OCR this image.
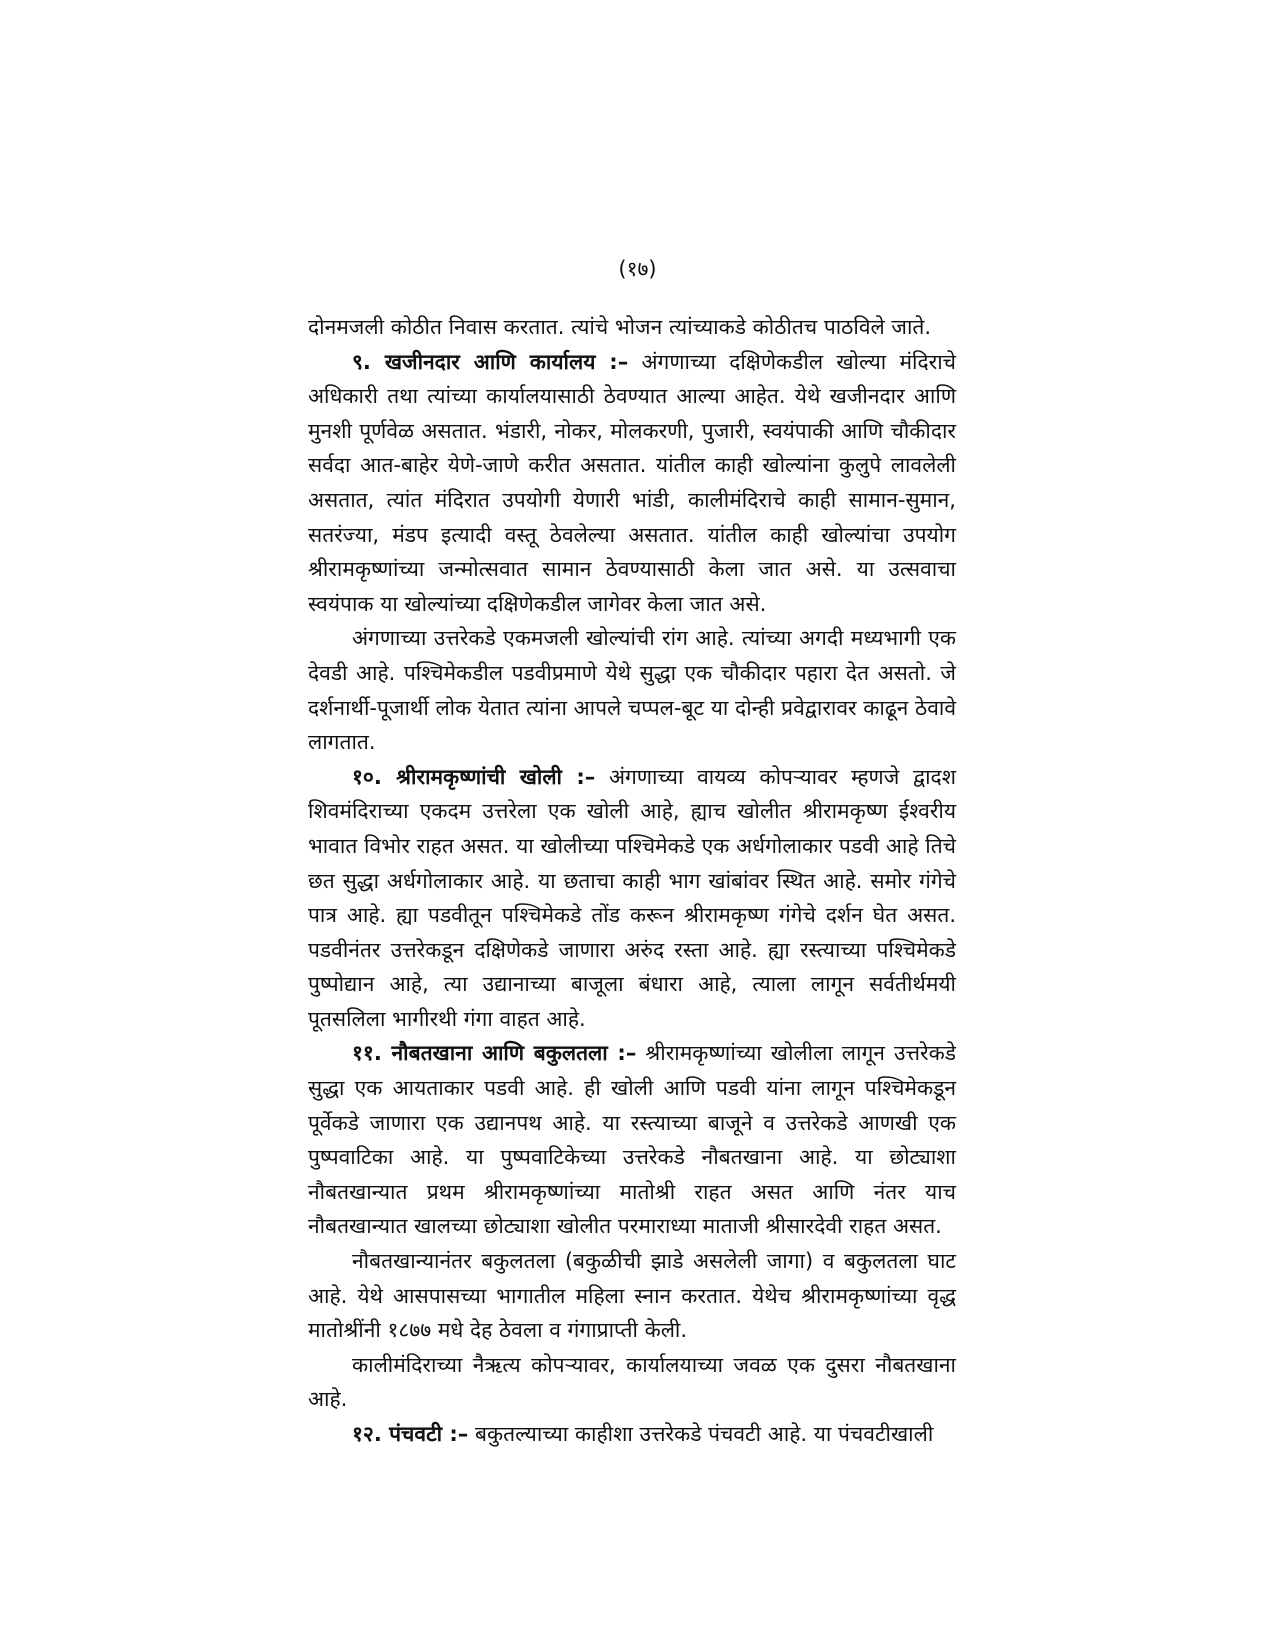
(१७)

दोनमजली कोठीत निवास करतात. त्यांचे भोजन त्यांच्याकडे कोठीतच पाठविले जाते.

९. खजीनदार आणि कार्यालय :– अंगणाच्या दक्षिणेकडील खोल्या मंदिराचे अधिकारी तथा त्यांच्या कार्यालयासाठी ठेवण्यात आल्या आहेत. येथे खजीनदार आणि मुनशी पूर्णवेळ असतात. भंडारी, नोकर, मोलकरणी, पुजारी, स्वयंपाकी आणि चौकीदार सर्वदा आत-बाहेर येणे-जाणे करीत असतात. यांतील काही खोल्यांना कुलुपे लावलेली असतात, त्यांत मंदिरात उपयोगी येणारी भांडी, कालीमंदिराचे काही सामान-सुमान, सतरंज्या, मंडप इत्यादी वस्तू ठेवलेल्या असतात. यांतील काही खोल्यांचा उपयोग श्रीरामकृष्णांच्या जन्मोत्सवात सामान ठेवण्यासाठी केला जात असे. या उत्सवाचा स्वयंपाक या खोल्यांच्या दक्षिणेकडील जागेवर केला जात असे.

अंगणाच्या उत्तरेकडे एकमजली खोल्यांची रांग आहे. त्यांच्या अगदी मध्यभागी एक देवडी आहे. पश्चिमेकडील पडवीप्रमाणे येथे सुद्धा एक चौकीदार पहारा देत असतो. जे दर्शनार्थी-पूजार्थी लोक येतात त्यांना आपले चप्पल-बूट या दोन्ही प्रवेद्वारावर काढून ठेवावे लागतात.

१०. श्रीरामकृष्णांची खोली :– अंगणाच्या वायव्य कोपऱ्यावर म्हणजे द्वादश शिवमंदिराच्या एकदम उत्तरेला एक खोली आहे, ह्याच खोलीत श्रीरामकृष्ण ईश्वरीय भावात विभोर राहत असत. या खोलीच्या पश्चिमेकडे एक अर्धगोलाकार पडवी आहे तिचे छत सुद्धा अर्धगोलाकार आहे. या छताचा काही भाग खांबांवर स्थित आहे. समोर गंगेचे पात्र आहे. ह्या पडवीतून पश्चिमेकडे तोंड करून श्रीरामकृष्ण गंगेचे दर्शन घेत असत. पडवीनंतर उत्तरेकडून दक्षिणेकडे जाणारा अरुंद रस्ता आहे. ह्या रस्त्याच्या पश्चिमेकडे पुष्पोद्यान आहे, त्या उद्यानाच्या बाजूला बंधारा आहे, त्याला लागून सर्वतीर्थमयी पूतसलिला भागीरथी गंगा वाहत आहे.

११. नौबतखाना आणि बकुलतला :– श्रीरामकृष्णांच्या खोलीला लागून उत्तरेकडे सुद्धा एक आयताकार पडवी आहे. ही खोली आणि पडवी यांना लागून पश्चिमेकडून पूर्वेकडे जाणारा एक उद्यानपथ आहे. या रस्त्याच्या बाजूने व उत्तरेकडे आणखी एक पुष्पवाटिका आहे. या पुष्पवाटिकेच्या उत्तरेकडे नौबतखाना आहे. या छोट्याशा नौबतखान्यात प्रथम श्रीरामकृष्णांच्या मातोश्री राहत असत आणि नंतर याच नौबतखान्यात खालच्या छोट्याशा खोलीत परमाराध्या माताजी श्रीसारदेवी राहत असत.

नौबतखान्यानंतर बकुलतला (बकुळीची झाडे असलेली जागा) व बकुलतला घाट आहे. येथे आसपासच्या भागातील महिला स्नान करतात. येथेच श्रीरामकृष्णांच्या वृद्ध मातोश्रींनी १८७७ मधे देह ठेवला व गंगाप्राप्ती केली.

कालीमंदिराच्या नैऋत्य कोपऱ्यावर, कार्यालयाच्या जवळ एक दुसरा नौबतखाना आहे.

१२. पंचवटी :– बकुतल्याच्या काहीशा उत्तरेकडे पंचवटी आहे. या पंचवटीखाली
